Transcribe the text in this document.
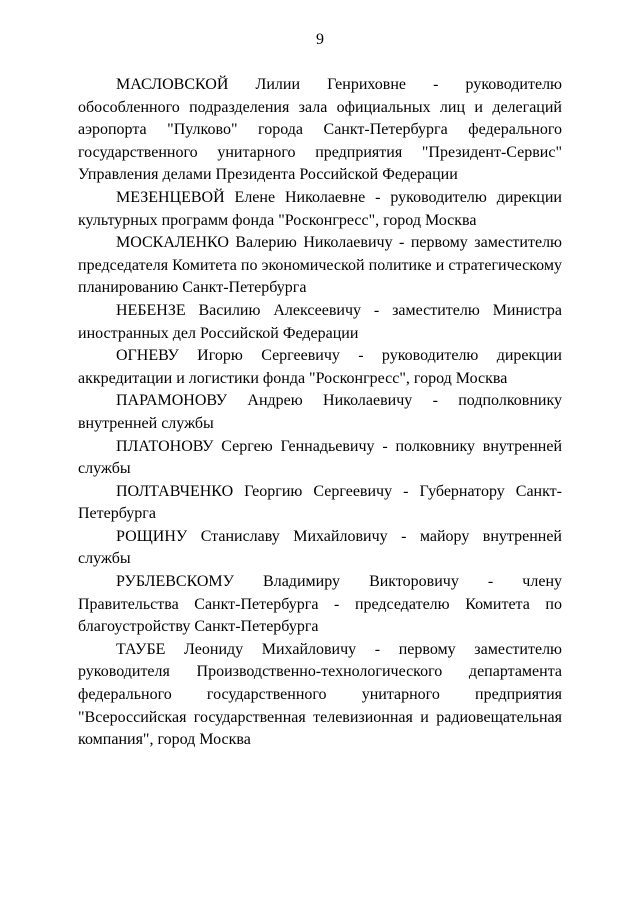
9

МАСЛОВСКОЙ Лилии Генриховне - руководителю обособленного подразделения зала официальных лиц и делегаций аэропорта "Пулково" города Санкт-Петербурга федерального государственного унитарного предприятия "Президент-Сервис" Управления делами Президента Российской Федерации

МЕЗЕНЦЕВОЙ Елене Николаевне - руководителю дирекции культурных программ фонда "Росконгресс", город Москва

МОСКАЛЕНКО Валерию Николаевичу - первому заместителю председателя Комитета по экономической политике и стратегическому планированию Санкт-Петербурга

НЕБЕНЗЕ Василию Алексеевичу - заместителю Министра иностранных дел Российской Федерации

ОГНЕВУ Игорю Сергеевичу - руководителю дирекции аккредитации и логистики фонда "Росконгресс", город Москва

ПАРАМОНОВУ Андрею Николаевичу - подполковнику внутренней службы

ПЛАТОНОВУ Сергею Геннадьевичу - полковнику внутренней службы

ПОЛТАВЧЕНКО Георгию Сергеевичу - Губернатору Санкт-Петербурга

РОЩИНУ Станиславу Михайловичу - майору внутренней службы

РУБЛЕВСКОМУ Владимиру Викторовичу - члену Правительства Санкт-Петербурга - председателю Комитета по благоустройству Санкт-Петербурга

ТАУБЕ Леониду Михайловичу - первому заместителю руководителя Производственно-технологического департамента федерального государственного унитарного предприятия "Всероссийская государственная телевизионная и радиовещательная компания", город Москва
